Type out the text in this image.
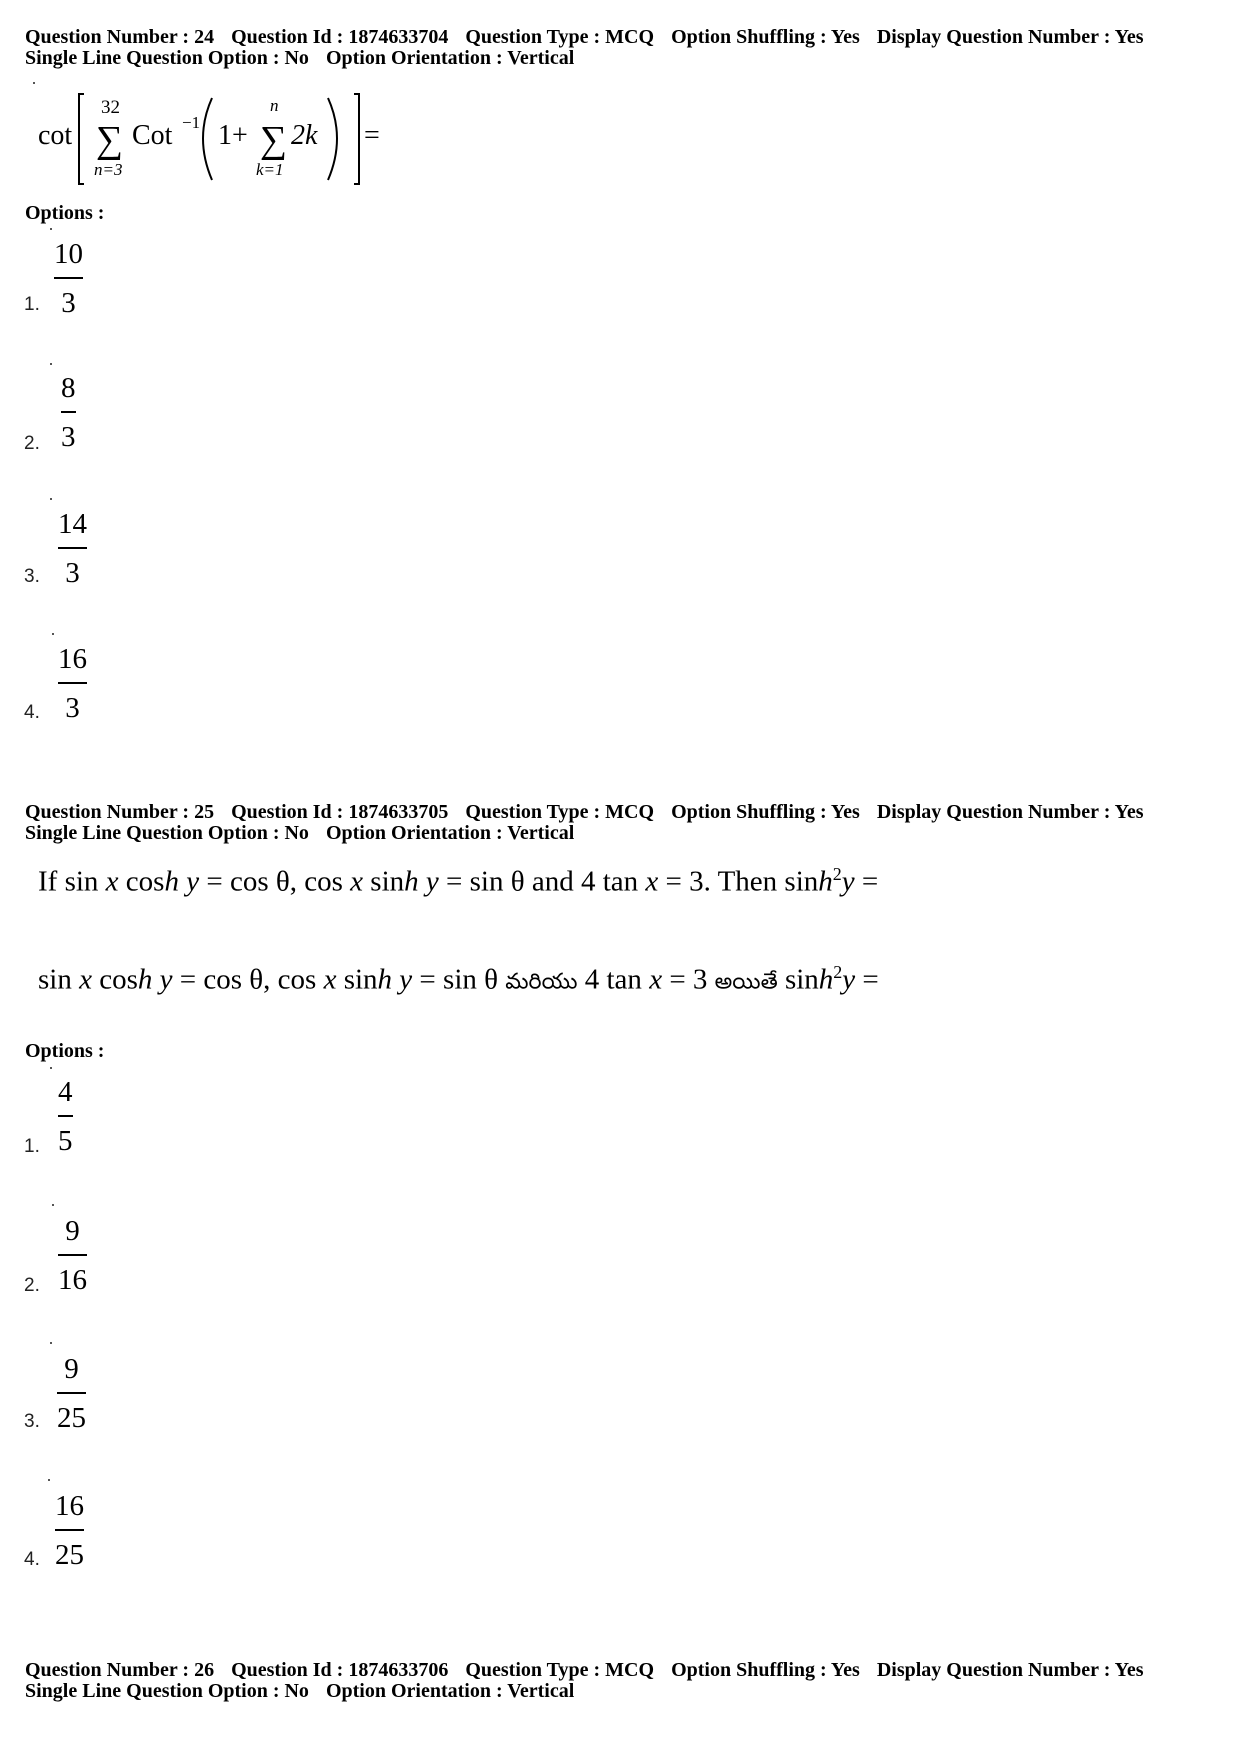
Question Number : 24 Question Id : 1874633704 Question Type : MCQ Option Shuffling : Yes Display Question Number : Yes
Single Line Question Option : No Option Orientation : Vertical
cot
32
∑
n=3
Cot −1 1+
n
∑
k=1
2k =
Options :
10
3
1.
8
3
2.
14
3
3.
16
3
4.
Question Number : 25 Question Id : 1874633705 Question Type : MCQ Option Shuffling : Yes Display Question Number : Yes
Single Line Question Option : No Option Orientation : Vertical
If sin x cosh y = cos θ, cos x sinh y = sin θ and 4 tan x = 3. Then $\sinh^2y$ =
sin x cosh y = cos θ, cos x sinh y = sin θ మరియు 4 tan x = 3 అయితే $\sinh^2y$ =
Options :
4
5
1.
9
16
2.
9
25
3.
16
25
4.
Question Number : 26 Question Id : 1874633706 Question Type : MCQ Option Shuffling : Yes Display Question Number : Yes
Single Line Question Option : No Option Orientation : Vertical
